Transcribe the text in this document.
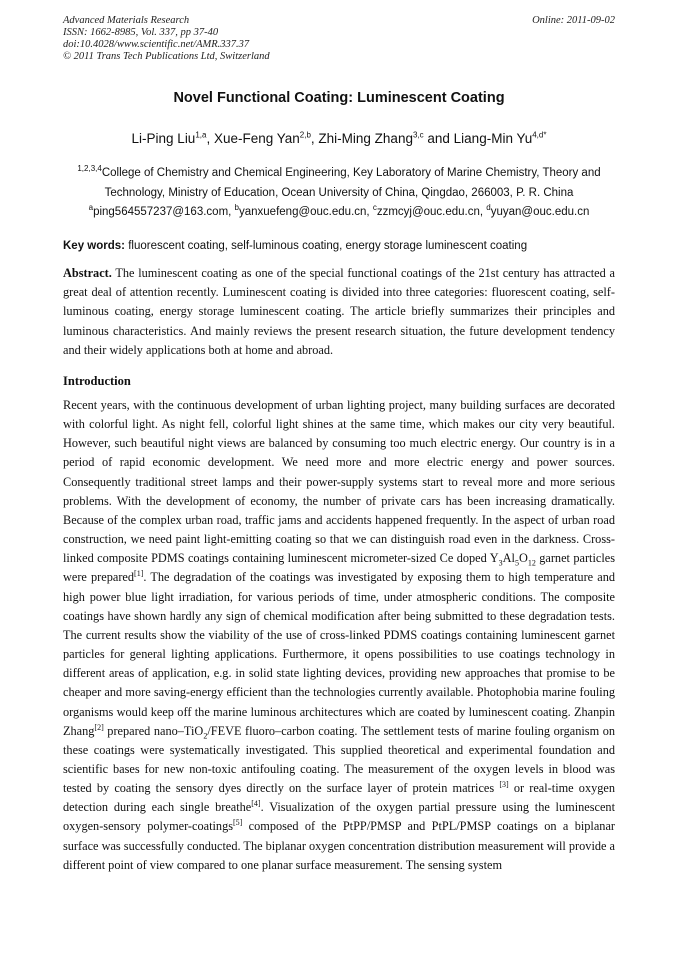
Advanced Materials Research
ISSN: 1662-8985, Vol. 337, pp 37-40
doi:10.4028/www.scientific.net/AMR.337.37
© 2011 Trans Tech Publications Ltd, Switzerland
Online: 2011-09-02
Novel Functional Coating: Luminescent Coating
Li-Ping Liu$^{1,a}$, Xue-Feng Yan$^{2,b}$, Zhi-Ming Zhang$^{3,c}$ and Liang-Min $Yu^{4,d*}$
$^{1,2,3,4}$College of Chemistry and Chemical Engineering, Key Laboratory of Marine Chemistry, Theory and Technology, Ministry of Education, Ocean University of China, Qingdao, 266003, P. R. China
$^a$ping564557237@163.com, $^b$yanxuefeng@ouc.edu.cn, $^c$zzmcyj@ouc.edu.cn, $^d$yuyan@ouc.edu.cn
Key words: fluorescent coating, self-luminous coating, energy storage luminescent coating
Abstract. The luminescent coating as one of the special functional coatings of the 21st century has attracted a great deal of attention recently. Luminescent coating is divided into three categories: fluorescent coating, self-luminous coating, energy storage luminescent coating. The article briefly summarizes their principles and luminous characteristics. And mainly reviews the present research situation, the future development tendency and their widely applications both at home and abroad.
Introduction
Recent years, with the continuous development of urban lighting project, many building surfaces are decorated with colorful light. As night fell, colorful light shines at the same time, which makes our city very beautiful. However, such beautiful night views are balanced by consuming too much electric energy. Our country is in a period of rapid economic development. We need more and more electric energy and power sources. Consequently traditional street lamps and their power-supply systems start to reveal more and more serious problems. With the development of economy, the number of private cars has been increasing dramatically. Because of the complex urban road, traffic jams and accidents happened frequently. In the aspect of urban road construction, we need paint light-emitting coating so that we can distinguish road even in the darkness. Cross-linked composite PDMS coatings containing luminescent micrometer-sized Ce doped $Y_3Al_5O_{12}$ garnet particles were prepared[1]. The degradation of the coatings was investigated by exposing them to high temperature and high power blue light irradiation, for various periods of time, under atmospheric conditions. The composite coatings have shown hardly any sign of chemical modification after being submitted to these degradation tests. The current results show the viability of the use of cross-linked PDMS coatings containing luminescent garnet particles for general lighting applications. Furthermore, it opens possibilities to use coatings technology in different areas of application, e.g. in solid state lighting devices, providing new approaches that promise to be cheaper and more saving-energy efficient than the technologies currently available. Photophobia marine fouling organisms would keep off the marine luminous architectures which are coated by luminescent coating. Zhanpin Zhang[2] prepared nano–TiO$_2$/FEVE fluoro–carbon coating. The settlement tests of marine fouling organism on these coatings were systematically investigated. This supplied theoretical and experimental foundation and scientific bases for new non-toxic antifouling coating. The measurement of the oxygen levels in blood was tested by coating the sensory dyes directly on the surface layer of protein matrices [3] or real-time oxygen detection during each single breathe[4]. Visualization of the oxygen partial pressure using the luminescent oxygen-sensory polymer-coatings[5] composed of the PtPP/PMSP and PtPL/PMSP coatings on a biplanar surface was successfully conducted. The biplanar oxygen concentration distribution measurement will provide a different point of view compared to one planar surface measurement. The sensing system
